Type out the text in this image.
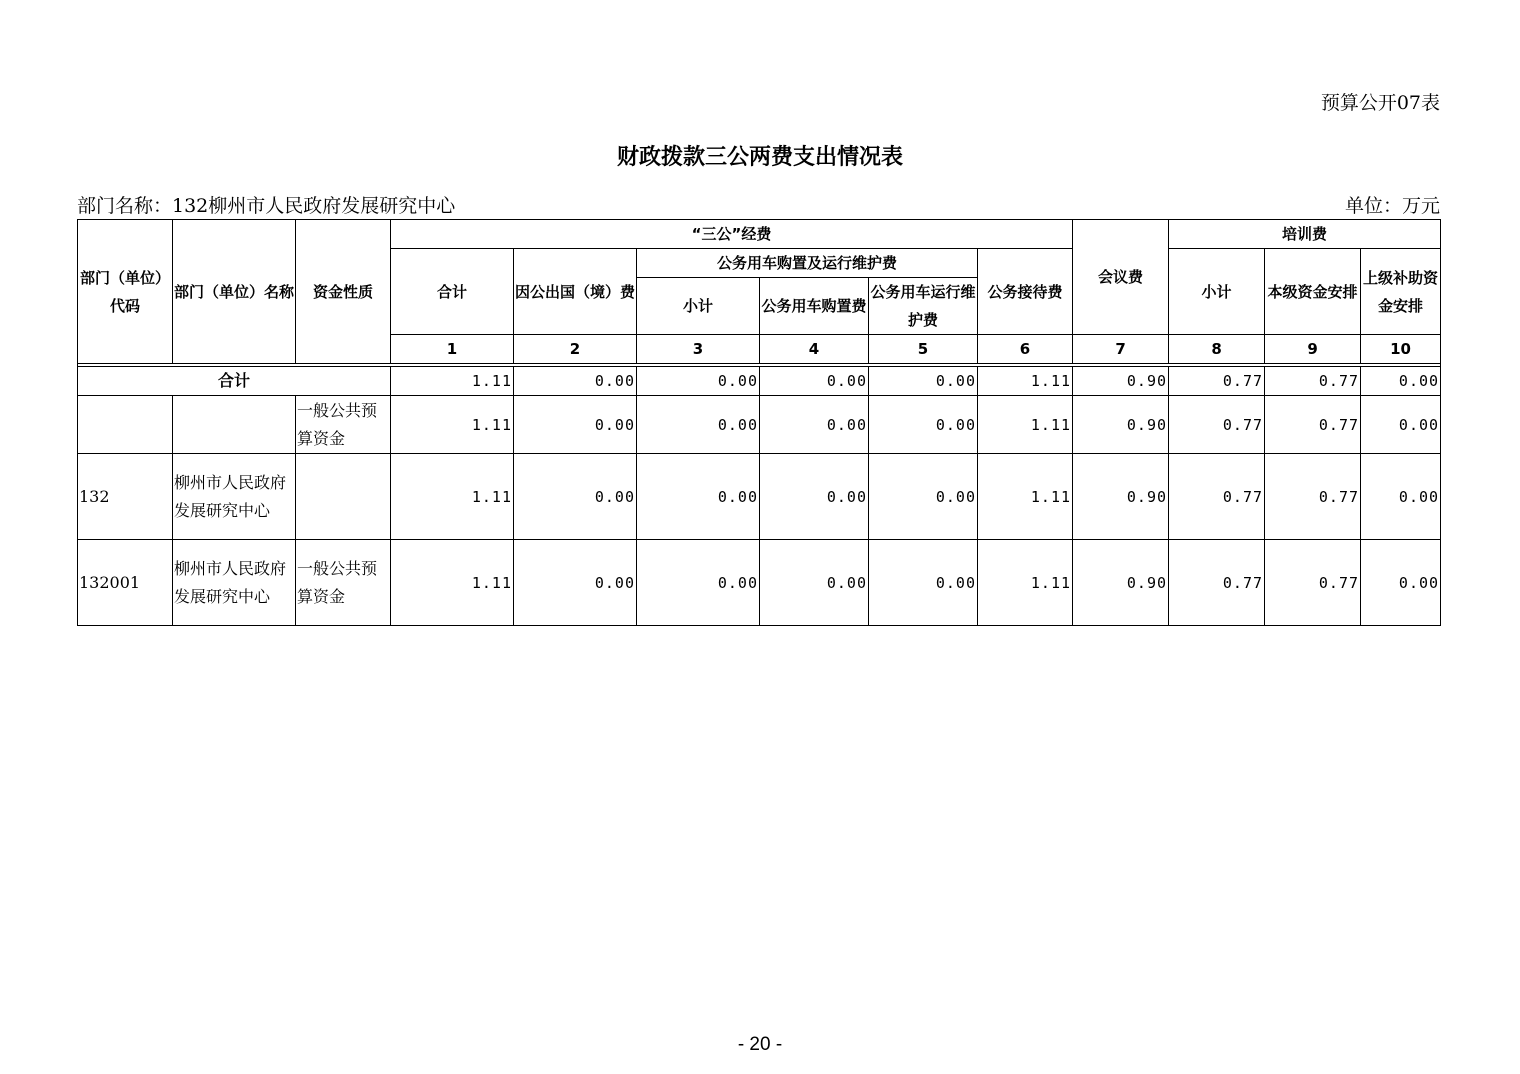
预算公开07表
财政拨款三公两费支出情况表
部门名称：132柳州市人民政府发展研究中心	单位：万元
部门（单位）代码	部门（单位）名称	资金性质	“三公”经费						会议费	培训费		
			合计	因公出国（境）费	公务用车购置及运行维护费			公务接待费		小计	本级资金安排	上级补助资金安排
					小计	公务用车购置费	公务用车运行维护费					
			1	2	3	4	5	6	7	8	9	10

合计			1.11	0.00	0.00	0.00	0.00	1.11	0.90	0.77	0.77	0.00
		一般公共预算资金	1.11	0.00	0.00	0.00	0.00	1.11	0.90	0.77	0.77	0.00
132	柳州市人民政府发展研究中心		1.11	0.00	0.00	0.00	0.00	1.11	0.90	0.77	0.77	0.00
132001	柳州市人民政府发展研究中心	一般公共预算资金	1.11	0.00	0.00	0.00	0.00	1.11	0.90	0.77	0.77	0.00
- 20 -
